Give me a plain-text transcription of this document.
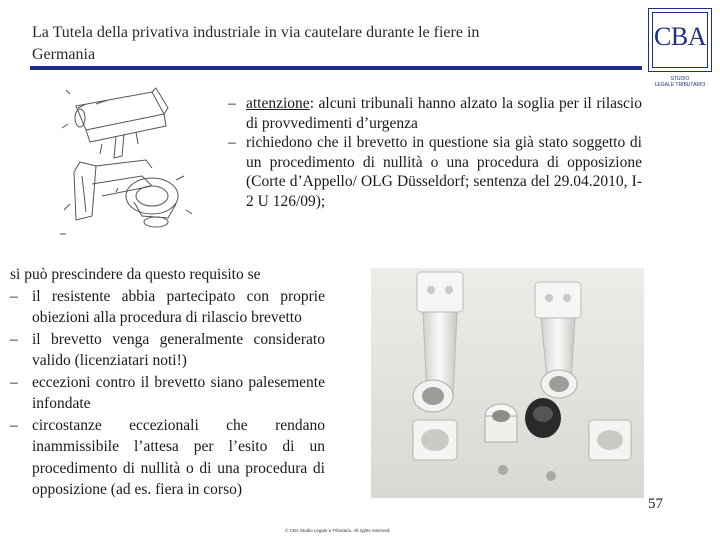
La Tutela della privativa industriale in via cautelare durante le fiere in
Germania
CBA
STUDIO
LEGALE TRIBUTARIO
– attenzione: alcuni tribunali hanno alzato la soglia per il rilascio di provvedimenti d’urgenza
– richiedono che il brevetto in questione sia già stato soggetto di un procedimento di nullità o una procedura di opposizione (Corte d’Appello/ OLG Düsseldorf; sentenza del 29.04.2010, I-2 U 126/09);

si può prescindere da questo requisito se

– il resistente abbia partecipato con proprie obiezioni alla procedura di rilascio brevetto
– il brevetto venga generalmente considerato valido (licenziatari noti!)
– eccezioni contro il brevetto siano palesemente infondate
– circostanze eccezionali che rendano inammissibile l’attesa per l’esito di un procedimento di nullità o di una procedura di opposizione (ad es. fiera in corso)
57
© CBA Studio Legale e Tributario. All rights reserved.
